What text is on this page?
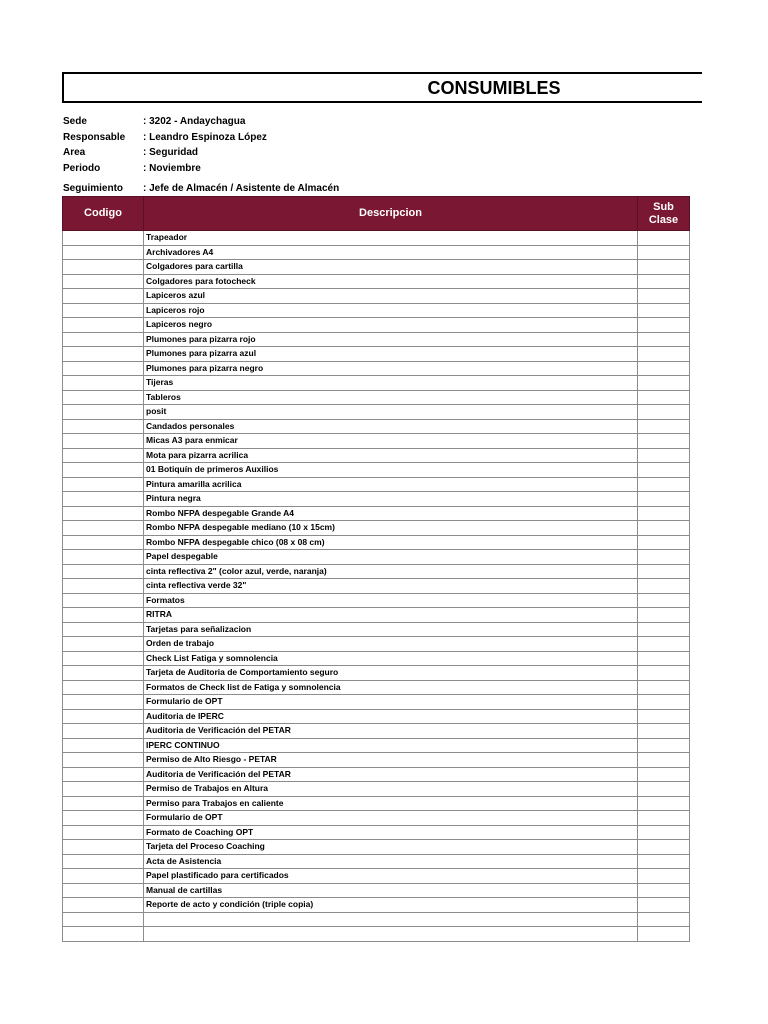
CONSUMIBLES
Sede	: 3202 - Andaychagua
Responsable	: Leandro Espinoza López
Area	: Seguridad
Periodo	: Noviembre
Seguimiento	: Jefe de Almacén / Asistente de Almacén
Codigo	Descripcion	Sub
Clase

	Trapeador	
	Archivadores A4	
	Colgadores para cartilla	
	Colgadores para fotocheck	
	Lapiceros azul	
	Lapiceros rojo	
	Lapiceros negro	
	Plumones para pizarra rojo	
	Plumones para pizarra azul	
	Plumones para pizarra negro	
	Tijeras	
	Tableros	
	posit	
	Candados personales	
	Micas A3 para enmicar	
	Mota para pizarra acrilica	
	01 Botiquín de primeros Auxilios	
	Pintura amarilla acrilica	
	Pintura negra	
	Rombo NFPA despegable Grande A4	
	Rombo NFPA despegable mediano (10 x 15cm)	
	Rombo NFPA despegable chico (08 x 08 cm)	
	Papel despegable	
	cinta reflectiva 2" (color azul, verde, naranja)	
	cinta reflectiva verde 32"	
	Formatos	
	RITRA	
	Tarjetas para señalizacion	
	Orden de trabajo	
	Check List Fatiga y somnolencia	
	Tarjeta de Auditoria de Comportamiento seguro	
	Formatos de Check list de Fatiga y somnolencia	
	Formulario de OPT	
	Auditoria de IPERC	
	Auditoria de Verificación del PETAR	
	IPERC CONTINUO	
	Permiso de Alto Riesgo - PETAR	
	Auditoria de Verificación del PETAR	
	Permiso de Trabajos en Altura	
	Permiso para Trabajos en caliente	
	Formulario de OPT	
	Formato de Coaching OPT	
	Tarjeta del Proceso Coaching	
	Acta de Asistencia	
	Papel plastificado para certificados	
	Manual de cartillas	
	Reporte de acto y condición (triple copia)	
